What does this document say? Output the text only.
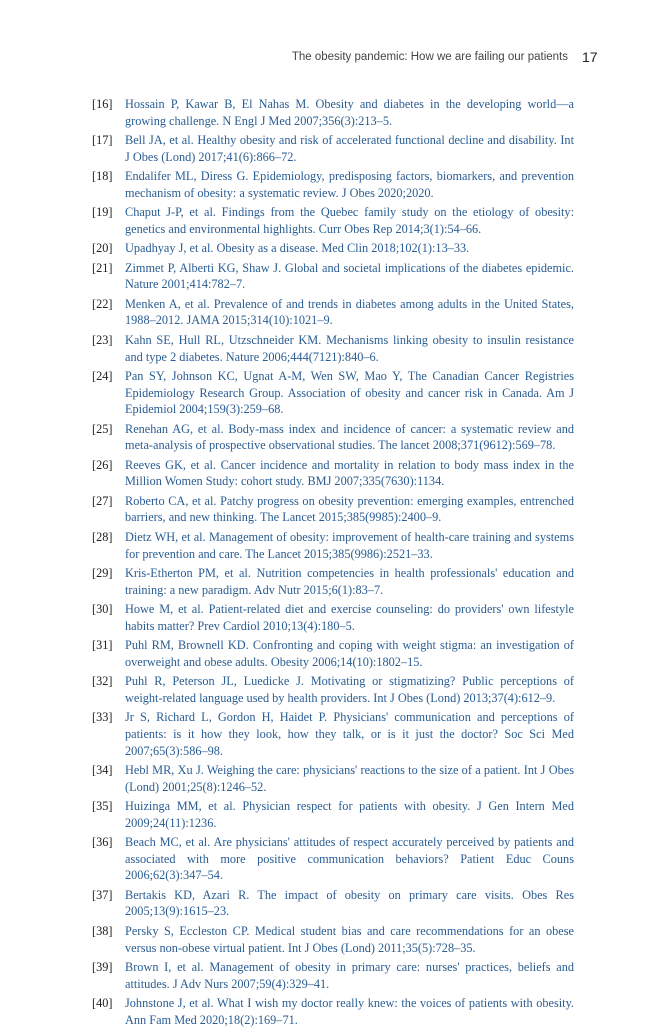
The obesity pandemic: How we are failing our patients 17
[16] Hossain P, Kawar B, El Nahas M. Obesity and diabetes in the developing world—a growing challenge. N Engl J Med 2007;356(3):213–5.
[17] Bell JA, et al. Healthy obesity and risk of accelerated functional decline and disability. Int J Obes (Lond) 2017;41(6):866–72.
[18] Endalifer ML, Diress G. Epidemiology, predisposing factors, biomarkers, and prevention mechanism of obesity: a systematic review. J Obes 2020;2020.
[19] Chaput J-P, et al. Findings from the Quebec family study on the etiology of obesity: genetics and environmental highlights. Curr Obes Rep 2014;3(1):54–66.
[20] Upadhyay J, et al. Obesity as a disease. Med Clin 2018;102(1):13–33.
[21] Zimmet P, Alberti KG, Shaw J. Global and societal implications of the diabetes epidemic. Nature 2001;414:782–7.
[22] Menken A, et al. Prevalence of and trends in diabetes among adults in the United States, 1988–2012. JAMA 2015;314(10):1021–9.
[23] Kahn SE, Hull RL, Utzschneider KM. Mechanisms linking obesity to insulin resistance and type 2 diabetes. Nature 2006;444(7121):840–6.
[24] Pan SY, Johnson KC, Ugnat A-M, Wen SW, Mao Y, The Canadian Cancer Registries Epidemiology Research Group. Association of obesity and cancer risk in Canada. Am J Epidemiol 2004;159(3):259–68.
[25] Renehan AG, et al. Body-mass index and incidence of cancer: a systematic review and meta-analysis of prospective observational studies. The lancet 2008;371(9612):569–78.
[26] Reeves GK, et al. Cancer incidence and mortality in relation to body mass index in the Million Women Study: cohort study. BMJ 2007;335(7630):1134.
[27] Roberto CA, et al. Patchy progress on obesity prevention: emerging examples, entrenched barriers, and new thinking. The Lancet 2015;385(9985):2400–9.
[28] Dietz WH, et al. Management of obesity: improvement of health-care training and systems for prevention and care. The Lancet 2015;385(9986):2521–33.
[29] Kris-Etherton PM, et al. Nutrition competencies in health professionals' education and training: a new paradigm. Adv Nutr 2015;6(1):83–7.
[30] Howe M, et al. Patient-related diet and exercise counseling: do providers' own lifestyle habits matter? Prev Cardiol 2010;13(4):180–5.
[31] Puhl RM, Brownell KD. Confronting and coping with weight stigma: an investigation of overweight and obese adults. Obesity 2006;14(10):1802–15.
[32] Puhl R, Peterson JL, Luedicke J. Motivating or stigmatizing? Public perceptions of weight-related language used by health providers. Int J Obes (Lond) 2013;37(4):612–9.
[33] Jr S, Richard L, Gordon H, Haidet P. Physicians' communication and perceptions of patients: is it how they look, how they talk, or is it just the doctor? Soc Sci Med 2007;65(3):586–98.
[34] Hebl MR, Xu J. Weighing the care: physicians' reactions to the size of a patient. Int J Obes (Lond) 2001;25(8):1246–52.
[35] Huizinga MM, et al. Physician respect for patients with obesity. J Gen Intern Med 2009;24(11):1236.
[36] Beach MC, et al. Are physicians' attitudes of respect accurately perceived by patients and associated with more positive communication behaviors? Patient Educ Couns 2006;62(3):347–54.
[37] Bertakis KD, Azari R. The impact of obesity on primary care visits. Obes Res 2005;13(9):1615–23.
[38] Persky S, Eccleston CP. Medical student bias and care recommendations for an obese versus non-obese virtual patient. Int J Obes (Lond) 2011;35(5):728–35.
[39] Brown I, et al. Management of obesity in primary care: nurses' practices, beliefs and attitudes. J Adv Nurs 2007;59(4):329–41.
[40] Johnstone J, et al. What I wish my doctor really knew: the voices of patients with obesity. Ann Fam Med 2020;18(2):169–71.
